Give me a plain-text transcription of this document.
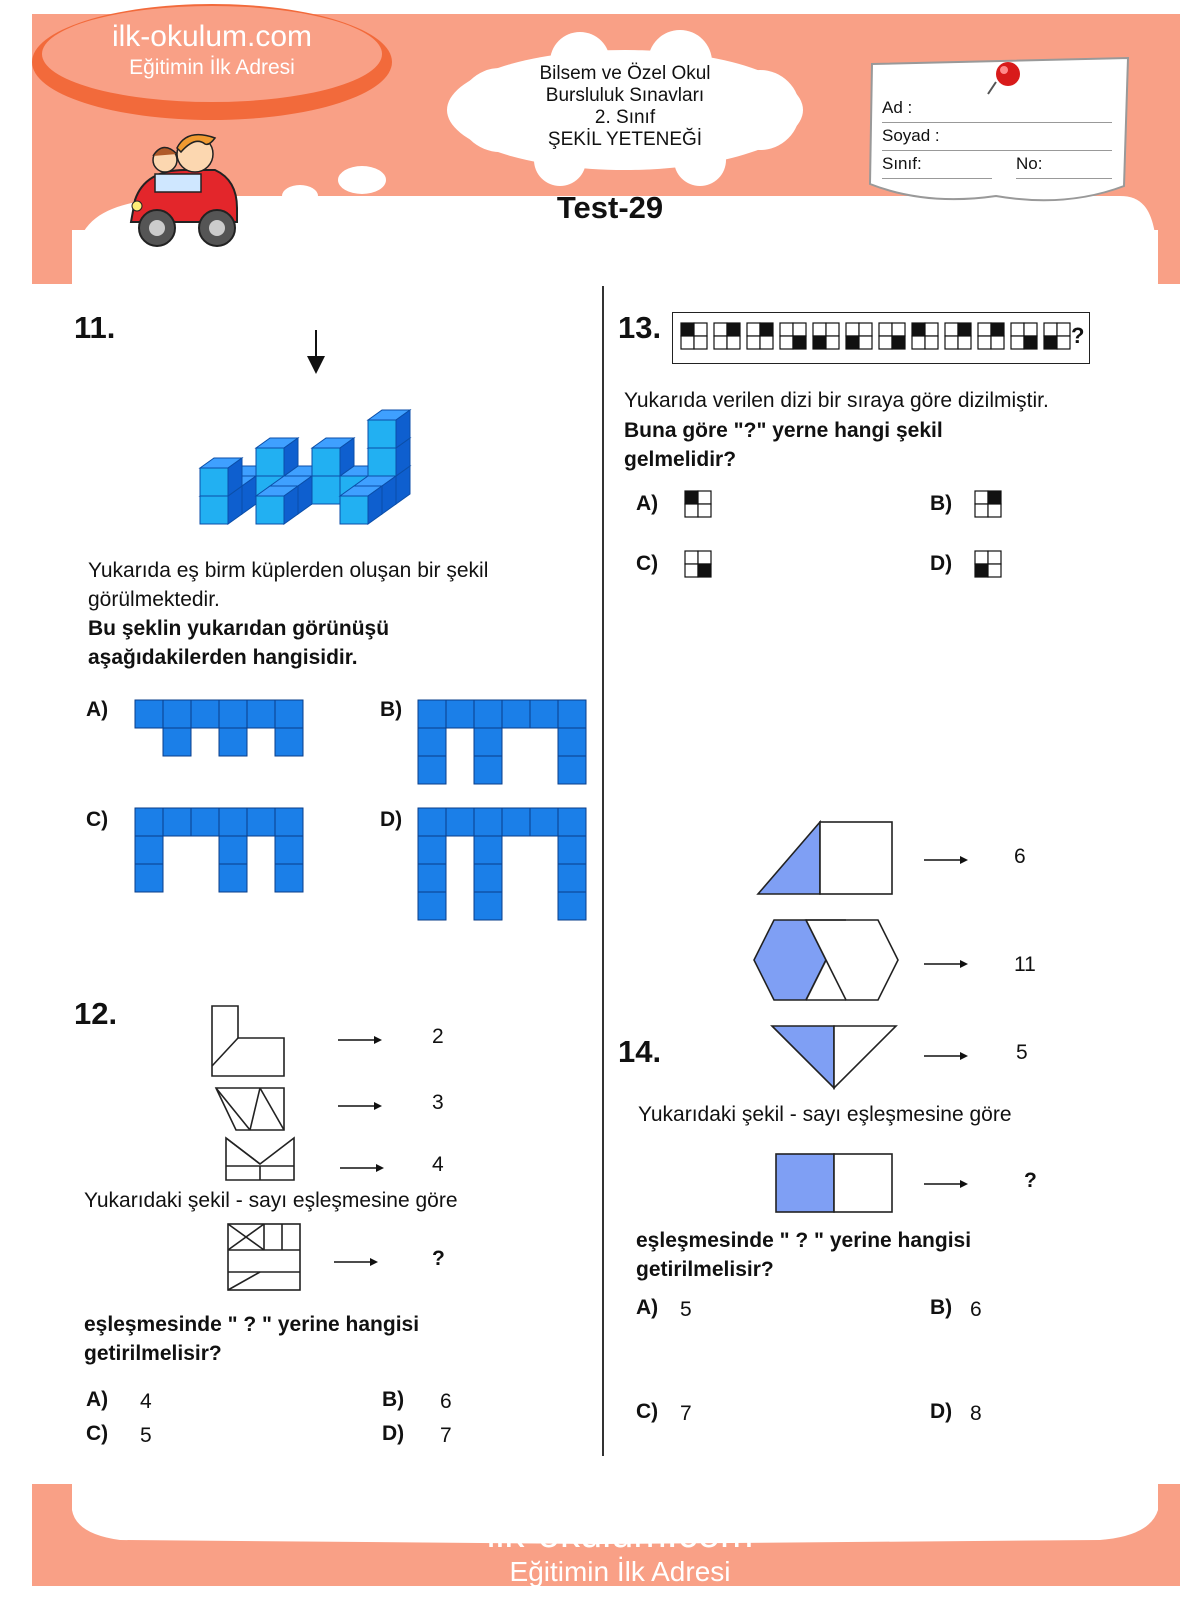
ilk-okulum.com
Eğitimin İlk Adresi	Bilsem ve Özel Okul
Bursluluk Sınavları
2. Sınıf
ŞEKİL YETENEĞİ
Test-29
Ad :
Soyad :
Sınıf:	No:
11.
Yukarıda eş birm küplerden oluşan bir şekil görülmektedir.
Bu şeklin yukarıdan görünüşü aşağıdakilerden hangisidir.
A)	B)
C)	D)
12.
2
3
4
Yukarıdaki şekil - sayı eşleşmesine göre
?
eşleşmesinde " ? " yerine hangisi getirilmelisir?
A) 4	B) 6
C) 5	D) 7
13.	?
Yukarıda verilen dizi bir sıraya göre dizilmiştir.
Buna göre "?" yerne hangi şekil gelmelidir?
A)	B)
C)	D)
6
11
5
14.
Yukarıdaki şekil - sayı eşleşmesine göre
?
eşleşmesinde " ? " yerine hangisi getirilmelisir?
A) 5	B) 6
C) 7	D) 8
ilk-okulum.com
Eğitimin İlk Adresi
